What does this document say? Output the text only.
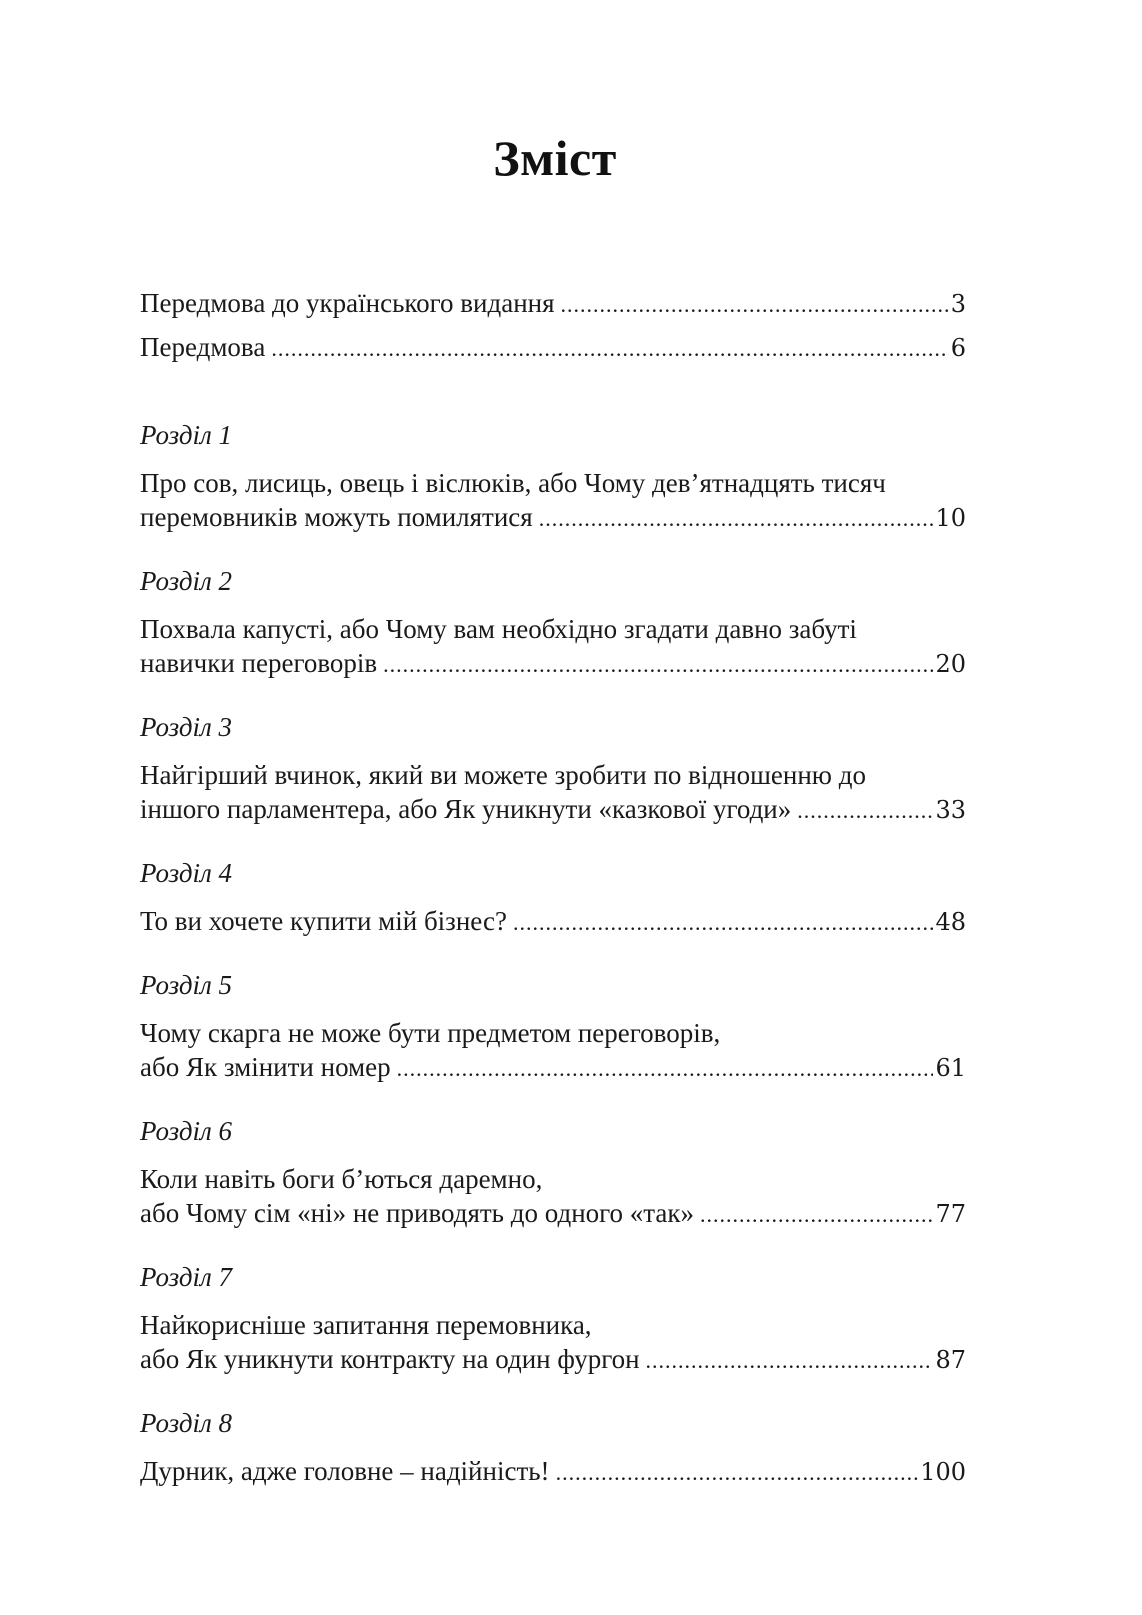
Зміст
Передмова до українського видання .....	3
Передмова .....	6
Розділ 1
Про сов, лисиць, овець і віслюків, або Чому дев’ятнадцять тисяч
перемовників можуть помилятися .....	10
Розділ 2
Похвала капусті, або Чому вам необхідно згадати давно забуті
навички переговорів .....	20
Розділ 3
Найгірший вчинок, який ви можете зробити по відношенню до
іншого парламентера, або Як уникнути «казкової угоди» .....	33
Розділ 4
То ви хочете купити мій бізнес? .....	48
Розділ 5
Чому скарга не може бути предметом переговорів,
або Як змінити номер .....	61
Розділ 6
Коли навіть боги б’ються даремно,
або Чому сім «ні» не приводять до одного «так» .....	77
Розділ 7
Найкорисніше запитання перемовника,
або Як уникнути контракту на один фургон .....	87
Розділ 8
Дурник, адже головне – надійність! .....	100
